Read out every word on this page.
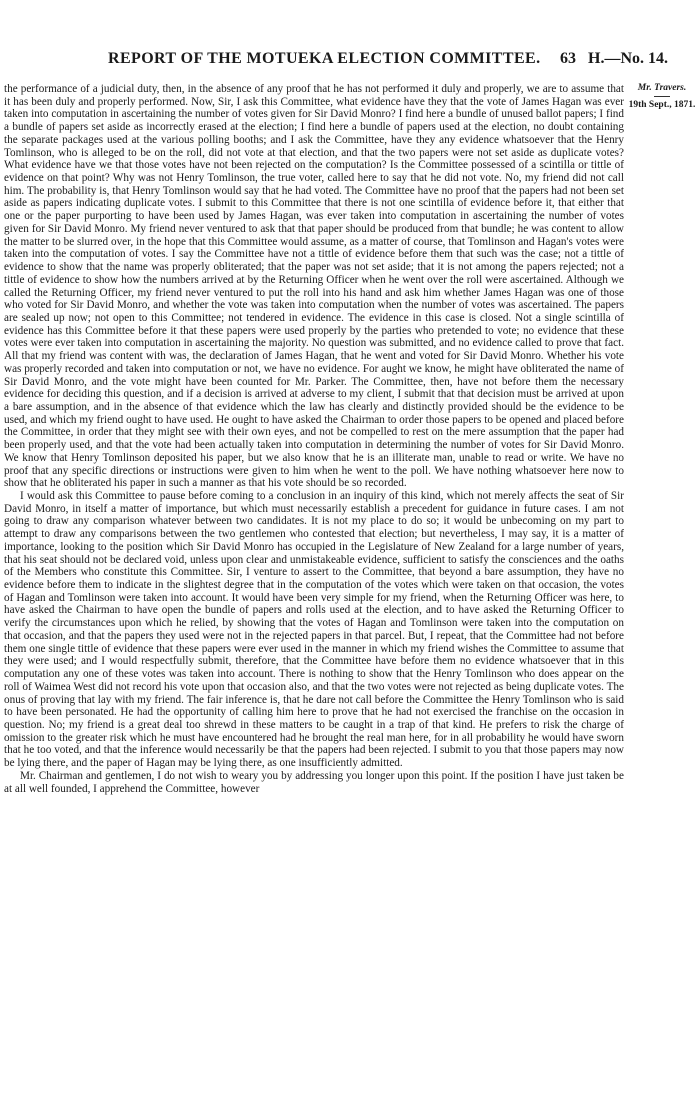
REPORT OF THE MOTUEKA ELECTION COMMITTEE. 63 H.—No. 14.
Mr. Travers.
19th Sept., 1871.

the performance of a judicial duty, then, in the absence of any proof that he has not performed it duly and properly, we are to assume that it has been duly and properly performed. Now, Sir, I ask this Committee, what evidence have they that the vote of James Hagan was ever taken into computation in ascertaining the number of votes given for Sir David Monro? I find here a bundle of unused ballot papers; I find a bundle of papers set aside as incorrectly erased at the election; I find here a bundle of papers used at the election, no doubt containing the separate packages used at the various polling booths; and I ask the Committee, have they any evidence whatsoever that the Henry Tomlinson, who is alleged to be on the roll, did not vote at that election, and that the two papers were not set aside as duplicate votes? What evidence have we that those votes have not been rejected on the computation? Is the Committee possessed of a scintilla or tittle of evidence on that point? Why was not Henry Tomlinson, the true voter, called here to say that he did not vote. No, my friend did not call him. The probability is, that Henry Tomlinson would say that he had voted. The Committee have no proof that the papers had not been set aside as papers indicating duplicate votes. I submit to this Committee that there is not one scintilla of evidence before it, that either that one or the paper purporting to have been used by James Hagan, was ever taken into computation in ascertaining the number of votes given for Sir David Monro. My friend never ventured to ask that that paper should be produced from that bundle; he was content to allow the matter to be slurred over, in the hope that this Committee would assume, as a matter of course, that Tomlinson and Hagan's votes were taken into the computation of votes. I say the Committee have not a tittle of evidence before them that such was the case; not a tittle of evidence to show that the name was properly obliterated; that the paper was not set aside; that it is not among the papers rejected; not a tittle of evidence to show how the numbers arrived at by the Returning Officer when he went over the roll were ascertained. Although we called the Returning Officer, my friend never ventured to put the roll into his hand and ask him whether James Hagan was one of those who voted for Sir David Monro, and whether the vote was taken into computation when the number of votes was ascertained. The papers are sealed up now; not open to this Committee; not tendered in evidence. The evidence in this case is closed. Not a single scintilla of evidence has this Committee before it that these papers were used properly by the parties who pretended to vote; no evidence that these votes were ever taken into computation in ascertaining the majority. No question was submitted, and no evidence called to prove that fact. All that my friend was content with was, the declaration of James Hagan, that he went and voted for Sir David Monro. Whether his vote was properly recorded and taken into computation or not, we have no evidence. For aught we know, he might have obliterated the name of Sir David Monro, and the vote might have been counted for Mr. Parker. The Committee, then, have not before them the necessary evidence for deciding this question, and if a decision is arrived at adverse to my client, I submit that that decision must be arrived at upon a bare assumption, and in the absence of that evidence which the law has clearly and distinctly provided should be the evidence to be used, and which my friend ought to have used. He ought to have asked the Chairman to order those papers to be opened and placed before the Committee, in order that they might see with their own eyes, and not be compelled to rest on the mere assumption that the paper had been properly used, and that the vote had been actually taken into computation in determining the number of votes for Sir David Monro. We know that Henry Tomlinson deposited his paper, but we also know that he is an illiterate man, unable to read or write. We have no proof that any specific directions or instructions were given to him when he went to the poll. We have nothing whatsoever here now to show that he obliterated his paper in such a manner as that his vote should be so recorded.

I would ask this Committee to pause before coming to a conclusion in an inquiry of this kind, which not merely affects the seat of Sir David Monro, in itself a matter of importance, but which must necessarily establish a precedent for guidance in future cases. I am not going to draw any comparison whatever between two candidates. It is not my place to do so; it would be unbecoming on my part to attempt to draw any comparisons between the two gentlemen who contested that election; but nevertheless, I may say, it is a matter of importance, looking to the position which Sir David Monro has occupied in the Legislature of New Zealand for a large number of years, that his seat should not be declared void, unless upon clear and unmistakeable evidence, sufficient to satisfy the consciences and the oaths of the Members who constitute this Committee. Sir, I venture to assert to the Committee, that beyond a bare assumption, they have no evidence before them to indicate in the slightest degree that in the computation of the votes which were taken on that occasion, the votes of Hagan and Tomlinson were taken into account. It would have been very simple for my friend, when the Returning Officer was here, to have asked the Chairman to have open the bundle of papers and rolls used at the election, and to have asked the Returning Officer to verify the circumstances upon which he relied, by showing that the votes of Hagan and Tomlinson were taken into the computation on that occasion, and that the papers they used were not in the rejected papers in that parcel. But, I repeat, that the Committee had not before them one single tittle of evidence that these papers were ever used in the manner in which my friend wishes the Committee to assume that they were used; and I would respectfully submit, therefore, that the Committee have before them no evidence whatsoever that in this computation any one of these votes was taken into account. There is nothing to show that the Henry Tomlinson who does appear on the roll of Waimea West did not record his vote upon that occasion also, and that the two votes were not rejected as being duplicate votes. The onus of proving that lay with my friend. The fair inference is, that he dare not call before the Committee the Henry Tomlinson who is said to have been personated. He had the opportunity of calling him here to prove that he had not exercised the franchise on the occasion in question. No; my friend is a great deal too shrewd in these matters to be caught in a trap of that kind. He prefers to risk the charge of omission to the greater risk which he must have encountered had he brought the real man here, for in all probability he would have sworn that he too voted, and that the inference would necessarily be that the papers had been rejected. I submit to you that those papers may now be lying there, and the paper of Hagan may be lying there, as one insufficiently admitted.

Mr. Chairman and gentlemen, I do not wish to weary you by addressing you longer upon this point. If the position I have just taken be at all well founded, I apprehend the Committee, however
